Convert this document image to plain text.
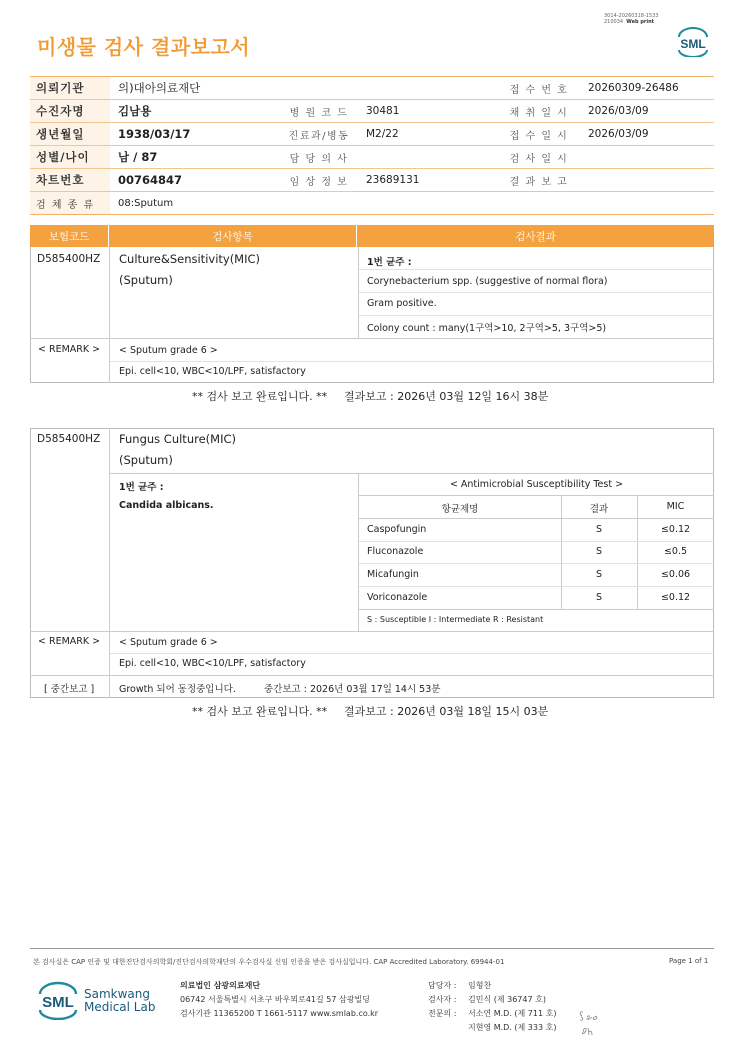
미생물 검사 결과보고서
3014-20260318-1533
210034 Web print
SML
의뢰기관	의)대아의료재단	접 수 번 호	20260309-26486
수진자명	김남용	병 원 코 드	30481	채 취 일 시	2026/03/09
생년월일	1938/03/17	진료과/병동	M2/22	접 수 일 시	2026/03/09
성별/나이	남 / 87	담 당 의 사	검 사 일 시
차트번호	00764847	임 상 정 보	23689131	결 과 보 고
검 체 종 류	08:Sputum
보험코드	검사항목	검사결과
D585400HZ Culture&Sensitivity(MIC)
(Sputum)
1번 균주 :
Corynebacterium spp. (suggestive of normal flora)
Gram positive.
Colony count : many(1구역>10, 2구역>5, 3구역>5)
< REMARK > < Sputum grade 6 >
Epi. cell<10, WBC<10/LPF, satisfactory
** 검사 보고 완료입니다. ** 결과보고 : 2026년 03월 12일 16시 38분
D585400HZ Fungus Culture(MIC)
(Sputum)
1번 균주 :
Candida albicans.
< Antimicrobial Susceptibility Test >
항균제명	결과	MIC
Caspofungin	S	≤0.12
Fluconazole	S	≤0.5
Micafungin	S	≤0.06
Voriconazole	S	≤0.12
S : Susceptible I : Intermediate R : Resistant
< REMARK > < Sputum grade 6 >
Epi. cell<10, WBC<10/LPF, satisfactory
[ 중간보고 ]	Growth 되어 동정중입니다.	중간보고 : 2026년 03월 17일 14시 53분
** 검사 보고 완료입니다. ** 결과보고 : 2026년 03월 18일 15시 03분
본 검사실은 CAP 인증 및 대한진단검사의학회/진단검사의학재단의 우수검사실 신임 인증을 받은 검사실입니다. CAP Accredited Laboratory. 69944-01	Page 1 of 1
SML Samkwang
Medical Lab
의료법인 삼광의료재단
06742 서울특별시 서초구 바우뫼로41길 57 삼광빌딩
검사기관 11365200 T 1661-5117 www.smlab.co.kr
담당자 : 임형찬
검사자 : 김민식 (제 36747 호)
전문의 : 서소연 M.D. (제 711 호)
지현영 M.D. (제 333 호)
